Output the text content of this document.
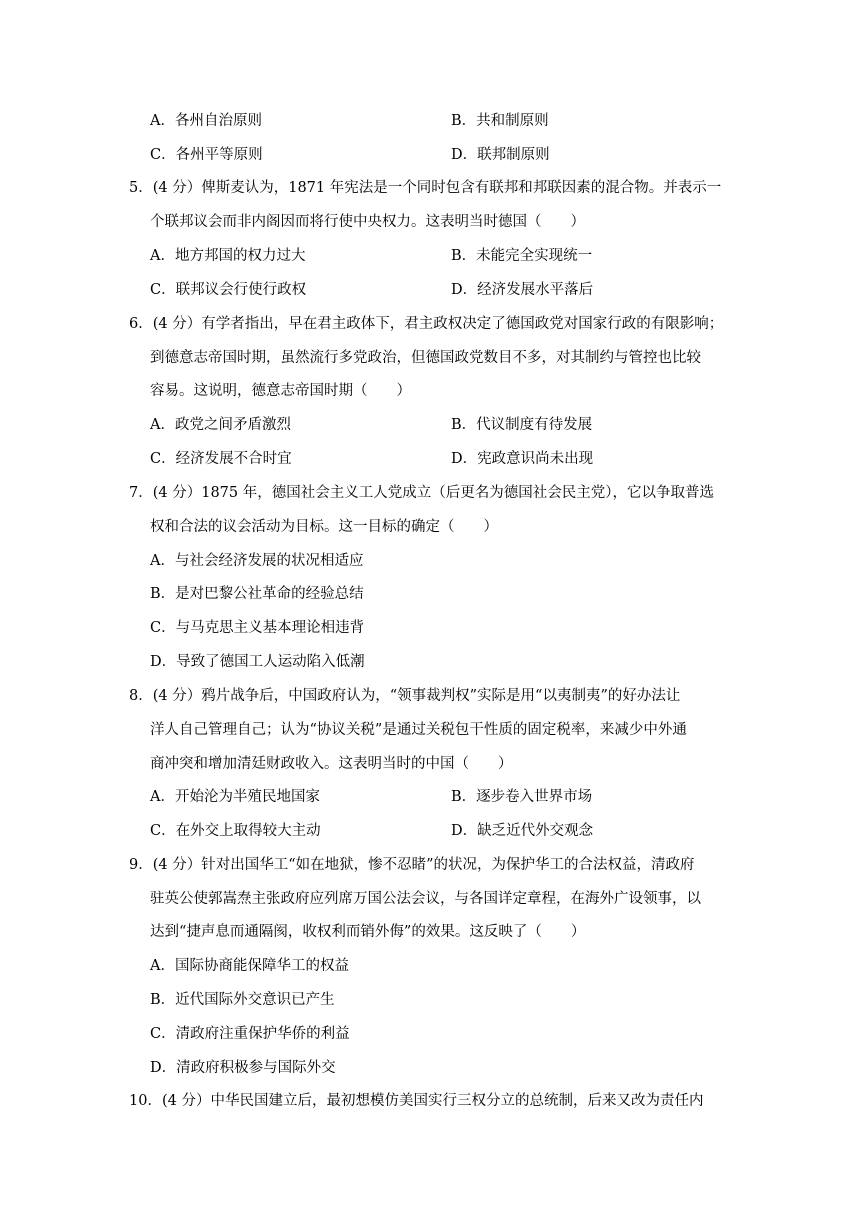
A．各州自治原则	B．共和制原则
C．各州平等原则	D．联邦制原则
5．(4 分）俾斯麦认为，1871 年宪法是一个同时包含有联邦和邦联因素的混合物。并表示一
个联邦议会而非内阁因而将行使中央权力。这表明当时德国（　　）
A．地方邦国的权力过大	B．未能完全实现统一
C．联邦议会行使行政权	D．经济发展水平落后
6．(4 分）有学者指出，早在君主政体下，君主政权决定了德国政党对国家行政的有限影响；
到德意志帝国时期，虽然流行多党政治，但德国政党数目不多，对其制约与管控也比较
容易。这说明，德意志帝国时期（　　）
A．政党之间矛盾激烈	B．代议制度有待发展
C．经济发展不合时宜	D．宪政意识尚未出现
7．(4 分）1875 年，德国社会主义工人党成立（后更名为德国社会民主党），它以争取普选
权和合法的议会活动为目标。这一目标的确定（　　）
A．与社会经济发展的状况相适应
B．是对巴黎公社革命的经验总结
C．与马克思主义基本理论相违背
D．导致了德国工人运动陷入低潮
8．(4 分）鸦片战争后，中国政府认为，“领事裁判权”实际是用“以夷制夷”的好办法让
洋人自己管理自己；认为“协议关税”是通过关税包干性质的固定税率，来减少中外通
商冲突和增加清廷财政收入。这表明当时的中国（　　）
A．开始沦为半殖民地国家	B．逐步卷入世界市场
C．在外交上取得较大主动	D．缺乏近代外交观念
9．(4 分）针对出国华工“如在地狱，惨不忍睹”的状况，为保护华工的合法权益，清政府
驻英公使郭嵩焘主张政府应列席万国公法会议，与各国详定章程，在海外广设领事，以
达到“捷声息而通隔阂，收权利而销外侮”的效果。这反映了（　　）
A．国际协商能保障华工的权益
B．近代国际外交意识已产生
C．清政府注重保护华侨的利益
D．清政府积极参与国际外交
10．(4 分）中华民国建立后，最初想模仿美国实行三权分立的总统制，后来又改为责任内
